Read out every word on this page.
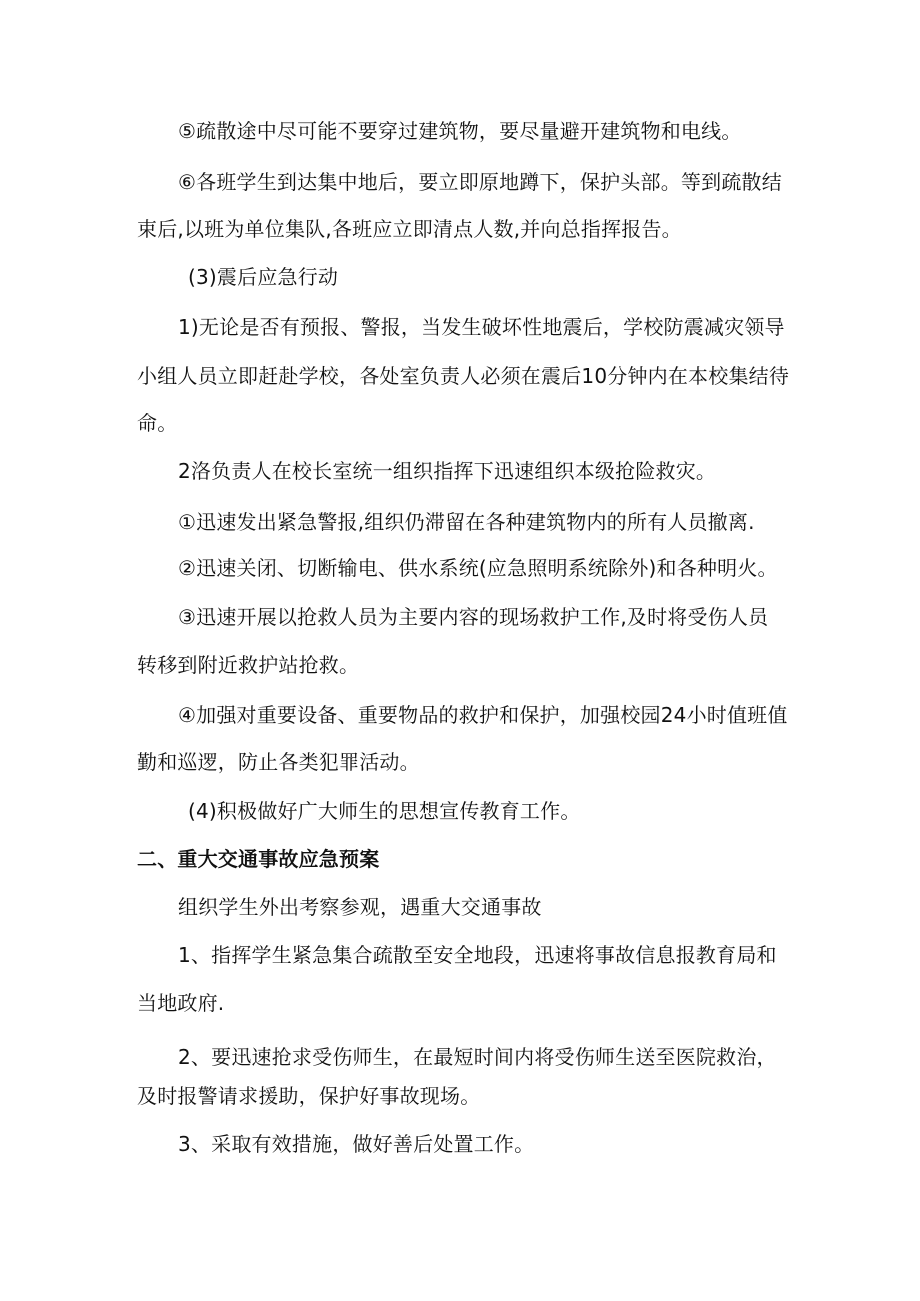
⑤疏散途中尽可能不要穿过建筑物，要尽量避开建筑物和电线。
⑥各班学生到达集中地后，要立即原地蹲下，保护头部。等到疏散结
束后,以班为单位集队,各班应立即清点人数,并向总指挥报告。
(3)震后应急行动
1)无论是否有预报、警报，当发生破坏性地震后，学校防震减灾领导
小组人员立即赶赴学校，各处室负责人必须在震后10分钟内在本校集结待
命。
2洛负责人在校长室统一组织指挥下迅速组织本级抢险救灾。
①迅速发出紧急警报,组织仍滞留在各种建筑物内的所有人员撤离.
②迅速关闭、切断输电、供水系统(应急照明系统除外)和各种明火。
③迅速开展以抢救人员为主要内容的现场救护工作,及时将受伤人员
转移到附近救护站抢救。
④加强对重要设备、重要物品的救护和保护，加强校园24小时值班值
勤和巡逻，防止各类犯罪活动。
(4)积极做好广大师生的思想宣传教育工作。
二、重大交通事故应急预案
组织学生外出考察参观，遇重大交通事故
1、指挥学生紧急集合疏散至安全地段，迅速将事故信息报教育局和
当地政府.
2、要迅速抢求受伤师生，在最短时间内将受伤师生送至医院救治，
及时报警请求援助，保护好事故现场。
3、采取有效措施，做好善后处置工作。
